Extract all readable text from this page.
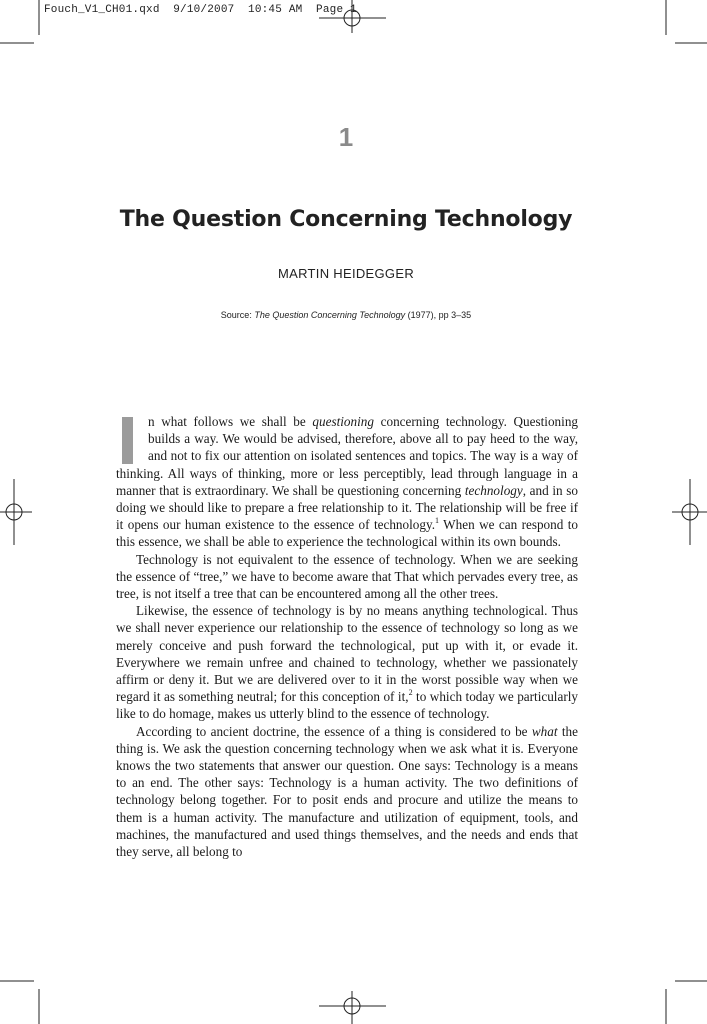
Fouch_V1_CH01.qxd  9/10/2007  10:45 AM  Page 1
1
The Question Concerning Technology
MARTIN HEIDEGGER
Source: The Question Concerning Technology (1977), pp 3–35

n what follows we shall be questioning concerning technology. Questioning builds a way. We would be advised, therefore, above all to pay heed to the way, and not to fix our attention on isolated sentences and topics. The way is a way of thinking. All ways of thinking, more or less perceptibly, lead through language in a manner that is extraordinary. We shall be questioning concerning technology, and in so doing we should like to prepare a free relationship to it. The relationship will be free if it opens our human existence to the essence of technology.$^1$ When we can respond to this essence, we shall be able to experience the technological within its own bounds.

Technology is not equivalent to the essence of technology. When we are seeking the essence of “tree,” we have to become aware that That which pervades every tree, as tree, is not itself a tree that can be encountered among all the other trees.

Likewise, the essence of technology is by no means anything technological. Thus we shall never experience our relationship to the essence of technology so long as we merely conceive and push forward the technological, put up with it, or evade it. Everywhere we remain unfree and chained to technology, whether we passionately affirm or deny it. But we are delivered over to it in the worst possible way when we regard it as something neutral; for this conception of it,$^2$ to which today we particularly like to do homage, makes us utterly blind to the essence of technology.

According to ancient doctrine, the essence of a thing is considered to be what the thing is. We ask the question concerning technology when we ask what it is. Everyone knows the two statements that answer our question. One says: Technology is a means to an end. The other says: Technology is a human activity. The two definitions of technology belong together. For to posit ends and procure and utilize the means to them is a human activity. The manufacture and utilization of equipment, tools, and machines, the manufactured and used things themselves, and the needs and ends that they serve, all belong to
